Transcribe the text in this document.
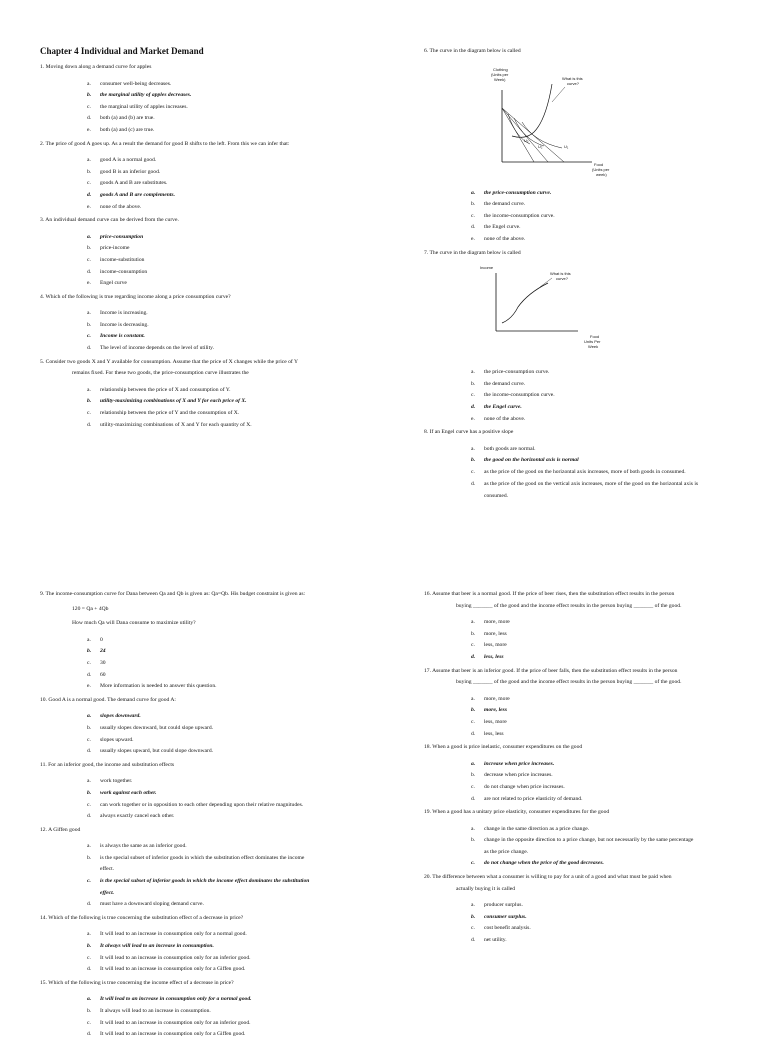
Chapter 4 Individual and Market Demand
1. Moving down along a demand curve for apples
a. consumer well-being decreases.
b. the marginal utility of apples decreases.
c. the marginal utility of apples increases.
d. both (a) and (b) are true.
e. both (a) and (c) are true.
2. The price of good A goes up. As a result the demand for good B shifts to the left. From this we can infer that:
a. good A is a normal good.
b. good B is an inferior good.
c. goods A and B are substitutes.
d. goods A and B are complements.
e. none of the above.
3. An individual demand curve can be derived from the curve.
a. price-consumption
b. price-income
c. income-substitution
d. income-consumption
e. Engel curve
4. Which of the following is true regarding income along a price consumption curve?
a. Income is increasing.
b. Income is decreasing.
c. Income is constant.
d. The level of income depends on the level of utility.
5. Consider two goods X and Y available for consumption. Assume that the price of X changes while the price of Y
remains fixed. For these two goods, the price-consumption curve illustrates the
a. relationship between the price of X and consumption of Y.
b. utility-maximizing combinations of X and Y for each price of X.
c. relationship between the price of Y and the consumption of X.
d. utility-maximizing combinations of X and Y for each quantity of X.
6. The curve in the diagram below is called
Clothing
(Units per
Week)	What is this
curve?
U₁
U₂
U₃
Food
(Units per
week)
a. the price-consumption curve.
b. the demand curve.
c. the income-consumption curve.
d. the Engel curve.
e. none of the above.
7. The curve in the diagram below is called
Income
What is this
curve?
Food
Units Per
Week
a. the price-consumption curve.
b. the demand curve.
c. the income-consumption curve.
d. the Engel curve.
e. none of the above.
8. If an Engel curve has a positive slope
a. both goods are normal.
b. the good on the horizontal axis is normal
c. as the price of the good on the horizontal axis increases, more of both goods in consumed.
d. as the price of the good on the vertical axis increases, more of the good on the horizontal axis is
consumed.
9. The income-consumption curve for Dana between Qa and Qb is given as: Qa=Qb. His budget constraint is given as:
120 = Qa + 4Qb
How much Qa will Dana consume to maximize utility?
a. 0
b. 24
c. 30
d. 60
e. More information is needed to answer this question.
10. Good A is a normal good. The demand curve for good A:
a. slopes downward.
b. usually slopes downward, but could slope upward.
c. slopes upward.
d. usually slopes upward, but could slope downward.
11. For an inferior good, the income and substitution effects
a. work together.
b. work against each other.
c. can work together or in opposition to each other depending upon their relative magnitudes.
d. always exactly cancel each other.
12. A Giffen good
a. is always the same as an inferior good.
b. is the special subset of inferior goods in which the substitution effect dominates the income
effect.
c. is the special subset of inferior goods in which the income effect dominates the substitution
effect.
d. must have a downward sloping demand curve.
14. Which of the following is true concerning the substitution effect of a decrease in price?
a. It will lead to an increase in consumption only for a normal good.
b. It always will lead to an increase in consumption.
c. It will lead to an increase in consumption only for an inferior good.
d. It will lead to an increase in consumption only for a Giffen good.
15. Which of the following is true concerning the income effect of a decrease in price?
a. It will lead to an increase in consumption only for a normal good.
b. It always will lead to an increase in consumption.
c. It will lead to an increase in consumption only for an inferior good.
d. It will lead to an increase in consumption only for a Giffen good.
16. Assume that beer is a normal good. If the price of beer rises, then the substitution effect results in the person
buying _______ of the good and the income effect results in the person buying _______ of the good.
a. more, more
b. more, less
c. less, more
d. less, less
17. Assume that beer is an inferior good. If the price of beer falls, then the substitution effect results in the person
buying _______ of the good and the income effect results in the person buying _______ of the good.
a. more, more
b. more, less
c. less, more
d. less, less
18. When a good is price inelastic, consumer expenditures on the good
a. increase when price increases.
b. decrease when price increases.
c. do not change when price increases.
d. are not related to price elasticity of demand.
19. When a good has a unitary price elasticity, consumer expenditures for the good
a. change in the same direction as a price change.
b. change in the opposite direction to a price change, but not necessarily by the same percentage
as the price change.
c. do not change when the price of the good decreases.
20. The difference between what a consumer is willing to pay for a unit of a good and what must be paid when
actually buying it is called
a. producer surplus.
b. consumer surplus.
c. cost benefit analysis.
d. net utility.
